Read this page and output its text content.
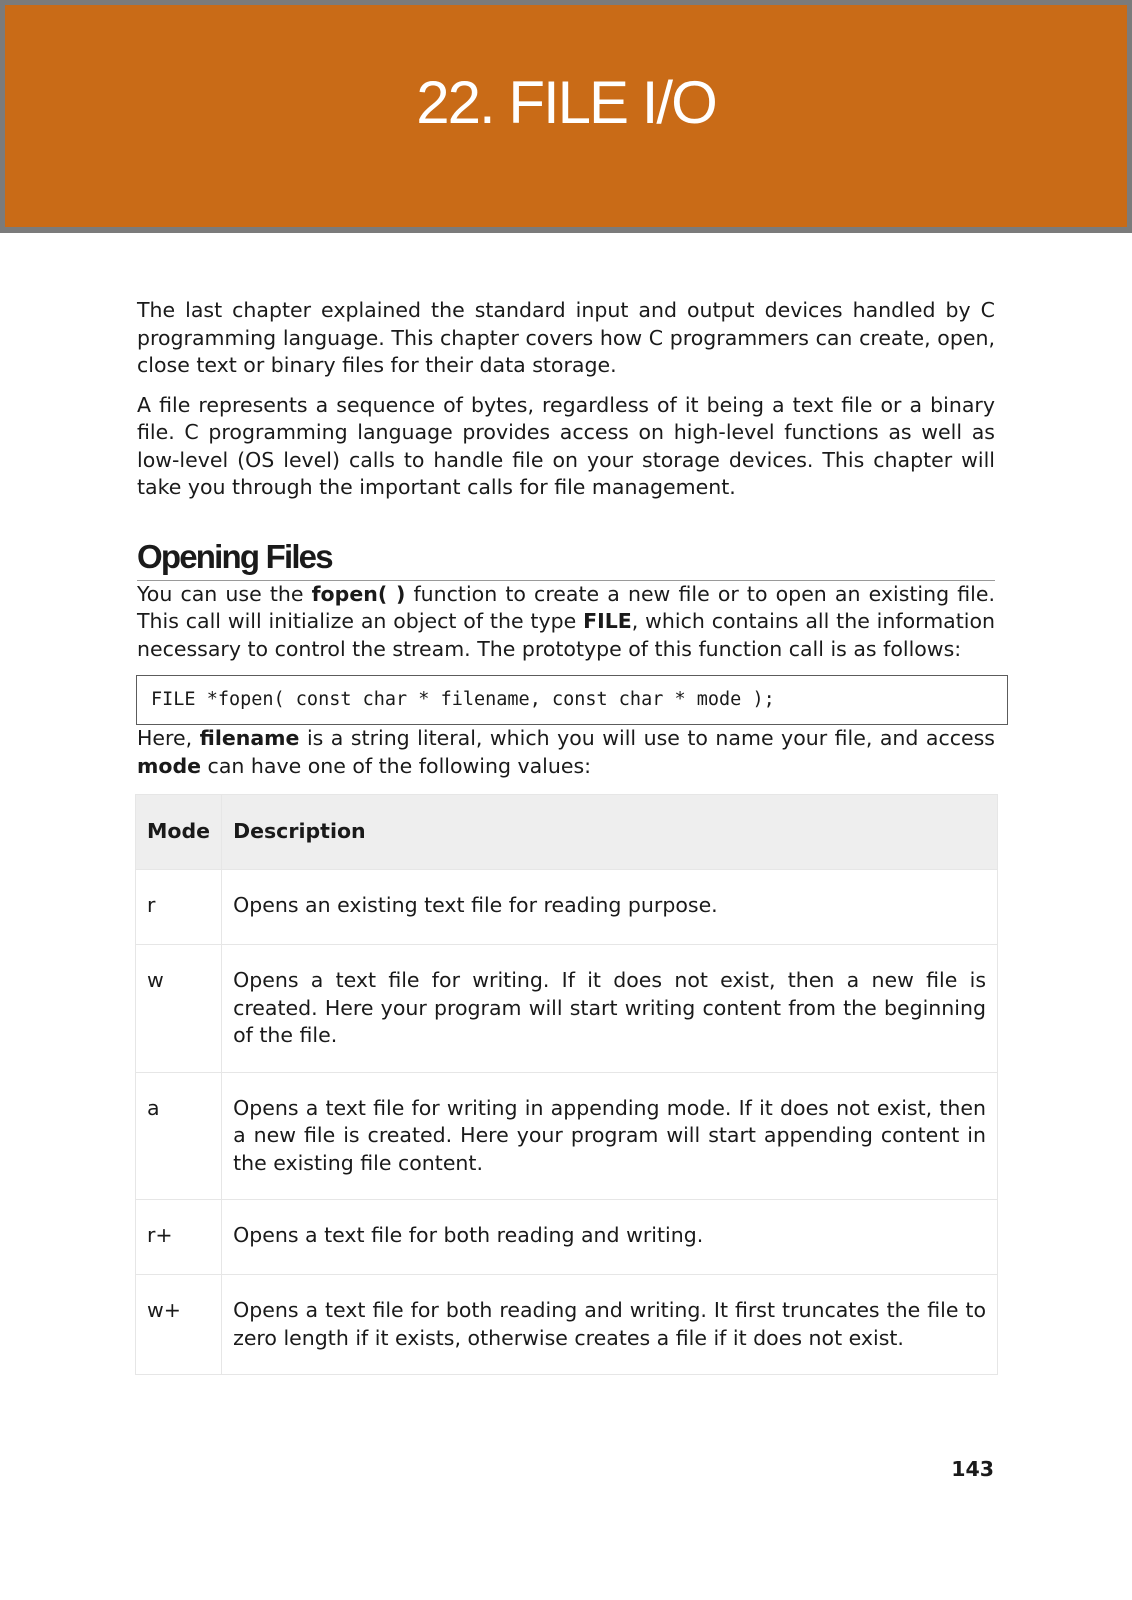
22. FILE I/O

The last chapter explained the standard input and output devices handled by C programming language. This chapter covers how C programmers can create, open, close text or binary files for their data storage.

A file represents a sequence of bytes, regardless of it being a text file or a binary file. C programming language provides access on high-level functions as well as low-level (OS level) calls to handle file on your storage devices. This chapter will take you through the important calls for file management.

Opening Files

You can use the fopen( ) function to create a new file or to open an existing file. This call will initialize an object of the type FILE, which contains all the information necessary to control the stream. The prototype of this function call is as follows:

FILE *fopen( const char * filename, const char * mode );

Here, filename is a string literal, which you will use to name your file, and access mode can have one of the following values:

Mode	Description
r	Opens an existing text file for reading purpose.
w	Opens a text file for writing. If it does not exist, then a new file is created. Here your program will start writing content from the beginning of the file.
a	Opens a text file for writing in appending mode. If it does not exist, then a new file is created. Here your program will start appending content in the existing file content.
r+	Opens a text file for both reading and writing.
w+	Opens a text file for both reading and writing. It first truncates the file to zero length if it exists, otherwise creates a file if it does not exist.
143
